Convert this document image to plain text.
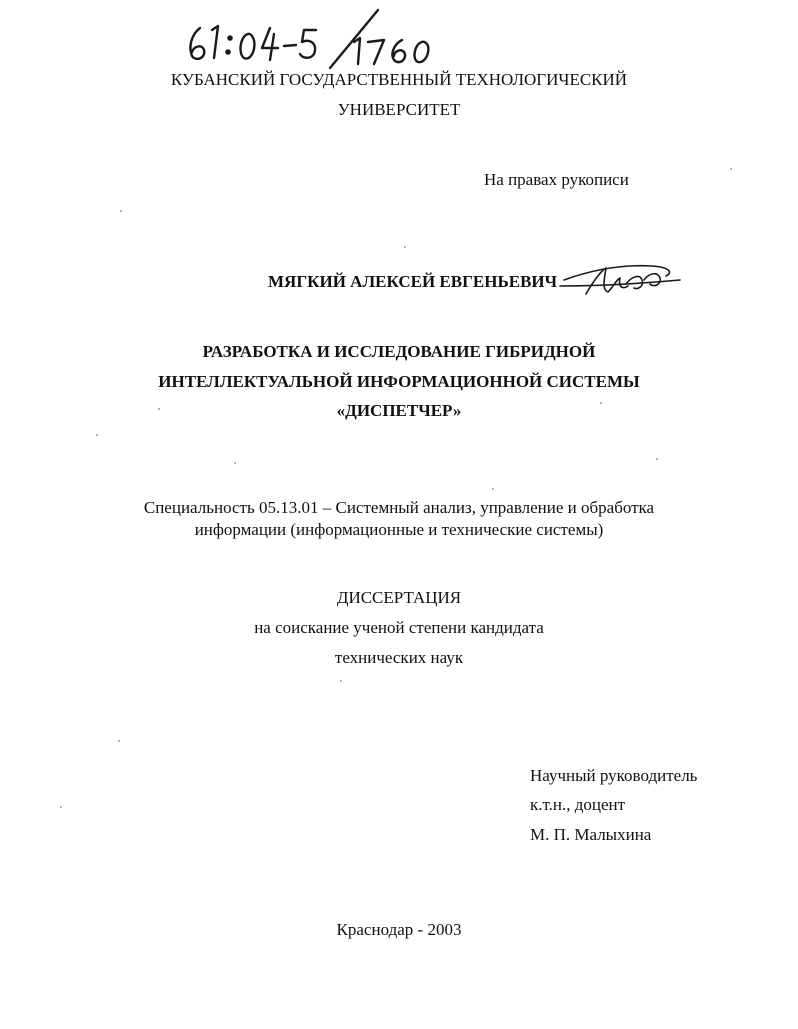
КУБАНСКИЙ ГОСУДАРСТВЕННЫЙ ТЕХНОЛОГИЧЕСКИЙ
УНИВЕРСИТЕТ
На правах рукописи
МЯГКИЙ АЛЕКСЕЙ ЕВГЕНЬЕВИЧ
РАЗРАБОТКА И ИССЛЕДОВАНИЕ ГИБРИДНОЙ
ИНТЕЛЛЕКТУАЛЬНОЙ ИНФОРМАЦИОННОЙ СИСТЕМЫ
«ДИСПЕТЧЕР»
Специальность 05.13.01 – Системный анализ, управление и обработка
информации (информационные и технические системы)
ДИССЕРТАЦИЯ
на соискание ученой степени кандидата
технических наук
Научный руководитель
к.т.н., доцент
М. П. Малыхина
Краснодар - 2003
